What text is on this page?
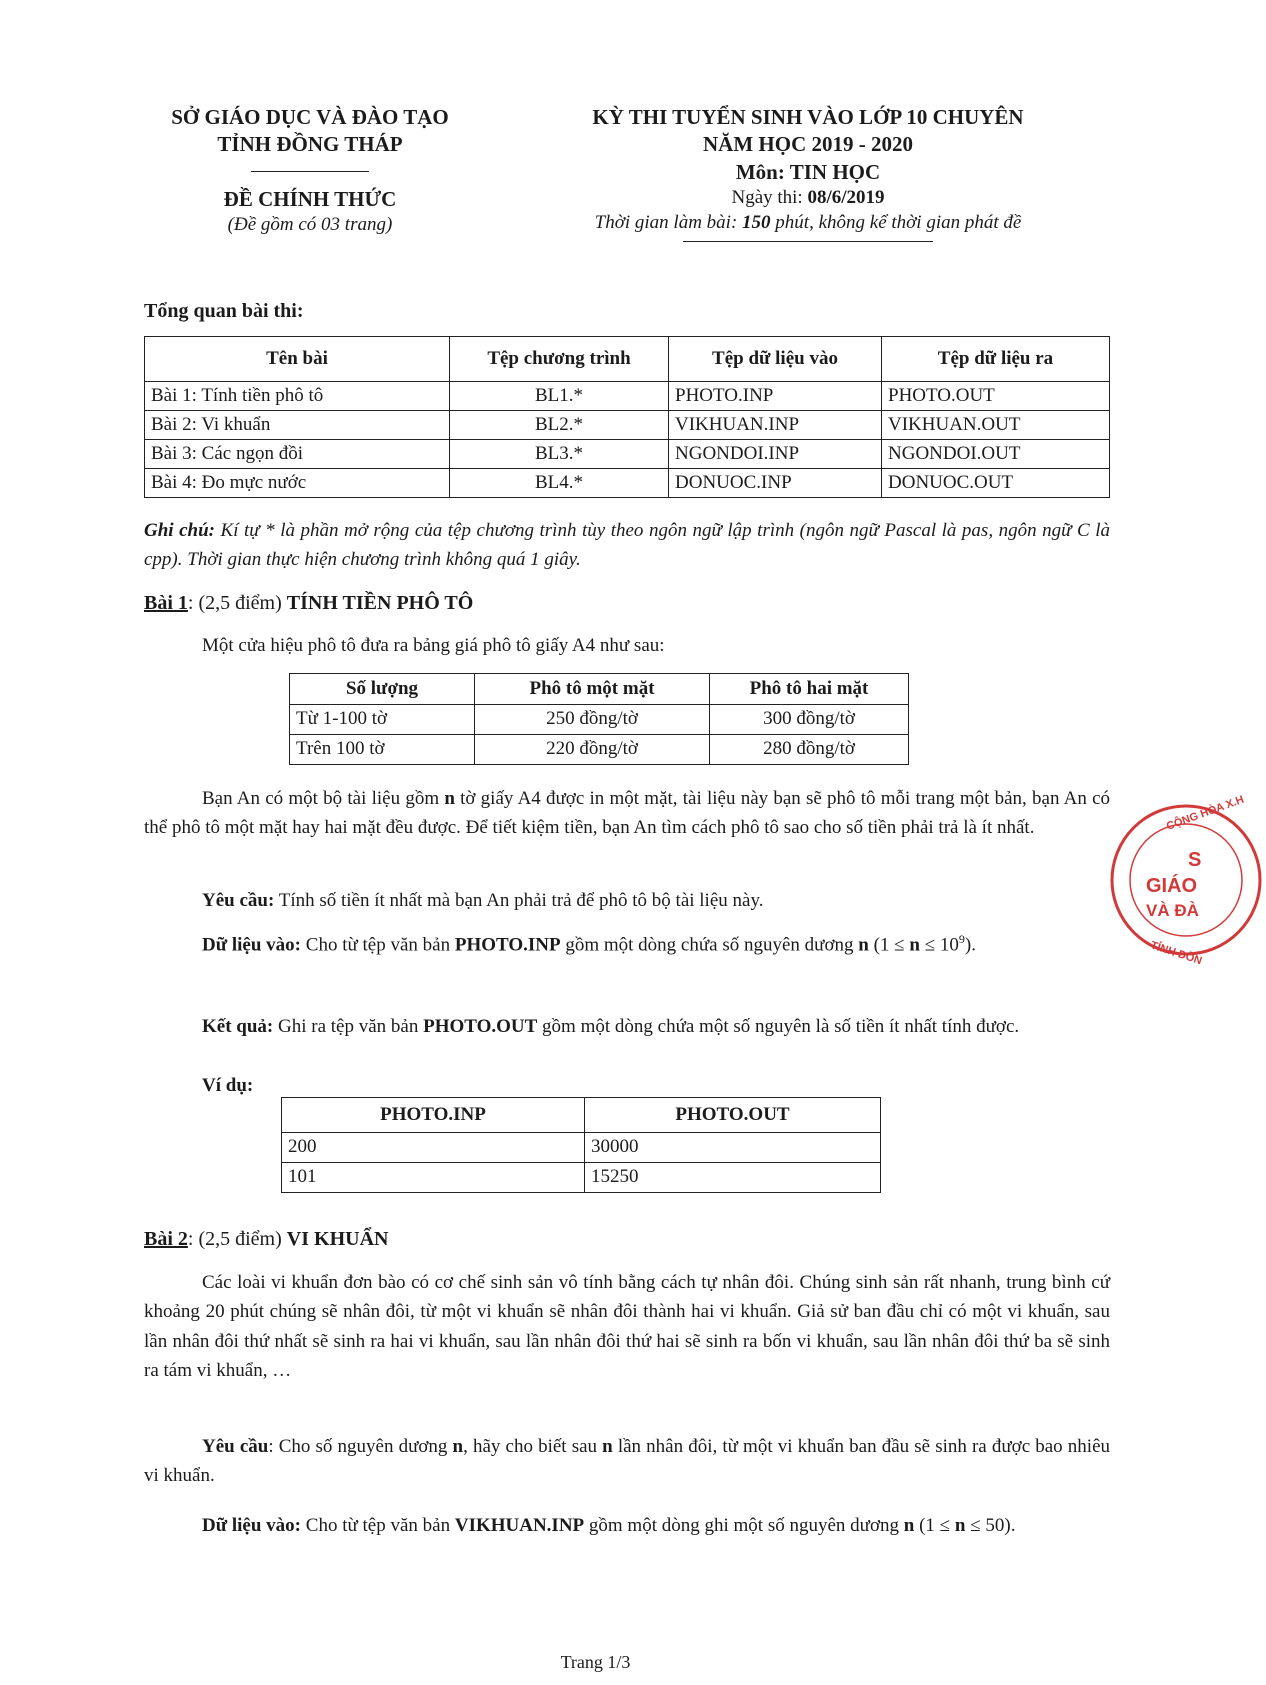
SỞ GIÁO DỤC VÀ ĐÀO TẠO
TỈNH ĐỒNG THÁP
ĐỀ CHÍNH THỨC
(Đề gồm có 03 trang)
KỲ THI TUYỂN SINH VÀO LỚP 10 CHUYÊN
NĂM HỌC 2019 - 2020
Môn: TIN HỌC
Ngày thi: 08/6/2019
Thời gian làm bài: 150 phút, không kể thời gian phát đề
Tổng quan bài thi:
Tên bài	Tệp chương trình	Tệp dữ liệu vào	Tệp dữ liệu ra
Bài 1: Tính tiền phô tô	BL1.*	PHOTO.INP	PHOTO.OUT
Bài 2: Vi khuẩn	BL2.*	VIKHUAN.INP	VIKHUAN.OUT
Bài 3: Các ngọn đồi	BL3.*	NGONDOI.INP	NGONDOI.OUT
Bài 4: Đo mực nước	BL4.*	DONUOC.INP	DONUOC.OUT
Ghi chú: Kí tự * là phần mở rộng của tệp chương trình tùy theo ngôn ngữ lập trình (ngôn ngữ Pascal là pas, ngôn ngữ C là cpp). Thời gian thực hiện chương trình không quá 1 giây.
Bài 1: (2,5 điểm) TÍNH TIỀN PHÔ TÔ
Một cửa hiệu phô tô đưa ra bảng giá phô tô giấy A4 như sau:
Số lượng	Phô tô một mặt	Phô tô hai mặt
Từ 1-100 tờ	250 đồng/tờ	300 đồng/tờ
Trên 100 tờ	220 đồng/tờ	280 đồng/tờ
Bạn An có một bộ tài liệu gồm n tờ giấy A4 được in một mặt, tài liệu này bạn sẽ phô tô mỗi trang một bản, bạn An có thể phô tô một mặt hay hai mặt đều được. Để tiết kiệm tiền, bạn An tìm cách phô tô sao cho số tiền phải trả là ít nhất.
Yêu cầu: Tính số tiền ít nhất mà bạn An phải trả để phô tô bộ tài liệu này.
Dữ liệu vào: Cho từ tệp văn bản PHOTO.INP gồm một dòng chứa số nguyên dương n $(1 \le n \le 10^9)$.
Kết quả: Ghi ra tệp văn bản PHOTO.OUT gồm một dòng chứa một số nguyên là số tiền ít nhất tính được.
Ví dụ:
PHOTO.INP	PHOTO.OUT
200	30000
101	15250
Bài 2: (2,5 điểm) VI KHUẨN
Các loài vi khuẩn đơn bào có cơ chế sinh sản vô tính bằng cách tự nhân đôi. Chúng sinh sản rất nhanh, trung bình cứ khoảng 20 phút chúng sẽ nhân đôi, từ một vi khuẩn sẽ nhân đôi thành hai vi khuẩn. Giả sử ban đầu chỉ có một vi khuẩn, sau lần nhân đôi thứ nhất sẽ sinh ra hai vi khuẩn, sau lần nhân đôi thứ hai sẽ sinh ra bốn vi khuẩn, sau lần nhân đôi thứ ba sẽ sinh ra tám vi khuẩn, …
Yêu cầu: Cho số nguyên dương n, hãy cho biết sau n lần nhân đôi, từ một vi khuẩn ban đầu sẽ sinh ra được bao nhiêu vi khuẩn.
Dữ liệu vào: Cho từ tệp văn bản VIKHUAN.INP gồm một dòng ghi một số nguyên dương n (1 ≤ n ≤ 50).
CỘNG HÒA X.H
S
GIÁO
VÀ ĐÀ
TỈNH ĐỒN
Trang 1/3
